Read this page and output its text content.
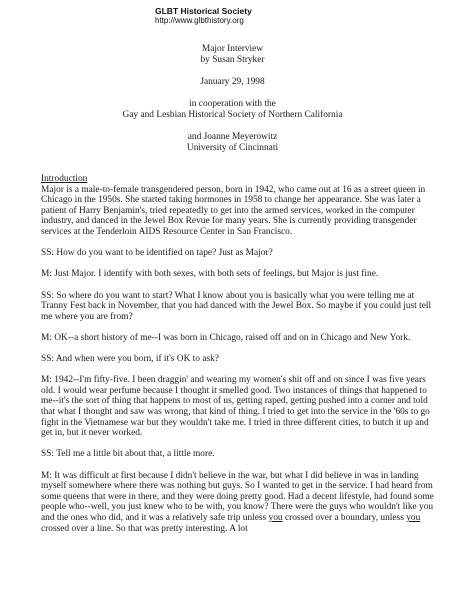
GLBT Historical Society
http://www.glbthistory.org
Major Interview
by Susan Stryker
January 29, 1998
in cooperation with the
Gay and Lesbian Historical Society of Northern California
and Joanne Meyerowitz
University of Cincinnati

Introduction

Major is a male-to-female transgendered person, born in 1942, who came out at 16 as a street queen in Chicago in the 1950s. She started taking hormones in 1958 to change her appearance. She was later a patient of Harry Benjamin's, tried repeatedly to get into the armed services, worked in the computer industry, and danced in the Jewel Box Revue for many years. She is currently providing transgender services at the Tenderloin AIDS Resource Center in San Francisco.

SS: How do you want to be identified on tape? Just as Major?

M: Just Major. I identify with both sexes, with both sets of feelings, but Major is just fine.

SS: So where do you want to start? What I know about you is basically what you were telling me at Tranny Fest back in November, that you had danced with the Jewel Box. So maybe if you could just tell me where you are from?

M: OK--a short history of me--I was born in Chicago, raised off and on in Chicago and New York.

SS: And when were you born, if it's OK to ask?

M: 1942--I'm fifty-five. I been draggin' and wearing my women's shit off and on since I was five years old. I would wear perfume because I thought it smelled good. Two instances of things that happened to me--it's the sort of thing that happens to most of us, getting raped, getting pushed into a corner and told that what I thought and saw was wrong, that kind of thing. I tried to get into the service in the '60s to go fight in the Vietnamese war but they wouldn't take me. I tried in three different cities, to butch it up and get in, but it never worked.

SS: Tell me a little bit about that, a little more.

M: It was difficult at first because I didn't believe in the war, but what I did believe in was in landing myself somewhere where there was nothing but guys. So I wanted to get in the service. I had heard from some queens that were in there, and they were doing pretty good. Had a decent lifestyle, had found some people who--well, you just knew who to be with, you know? There were the guys who wouldn't like you and the ones who did, and it was a relatively safe trip unless you crossed over a boundary, unless you crossed over a line. So that was pretty interesting. A lot
